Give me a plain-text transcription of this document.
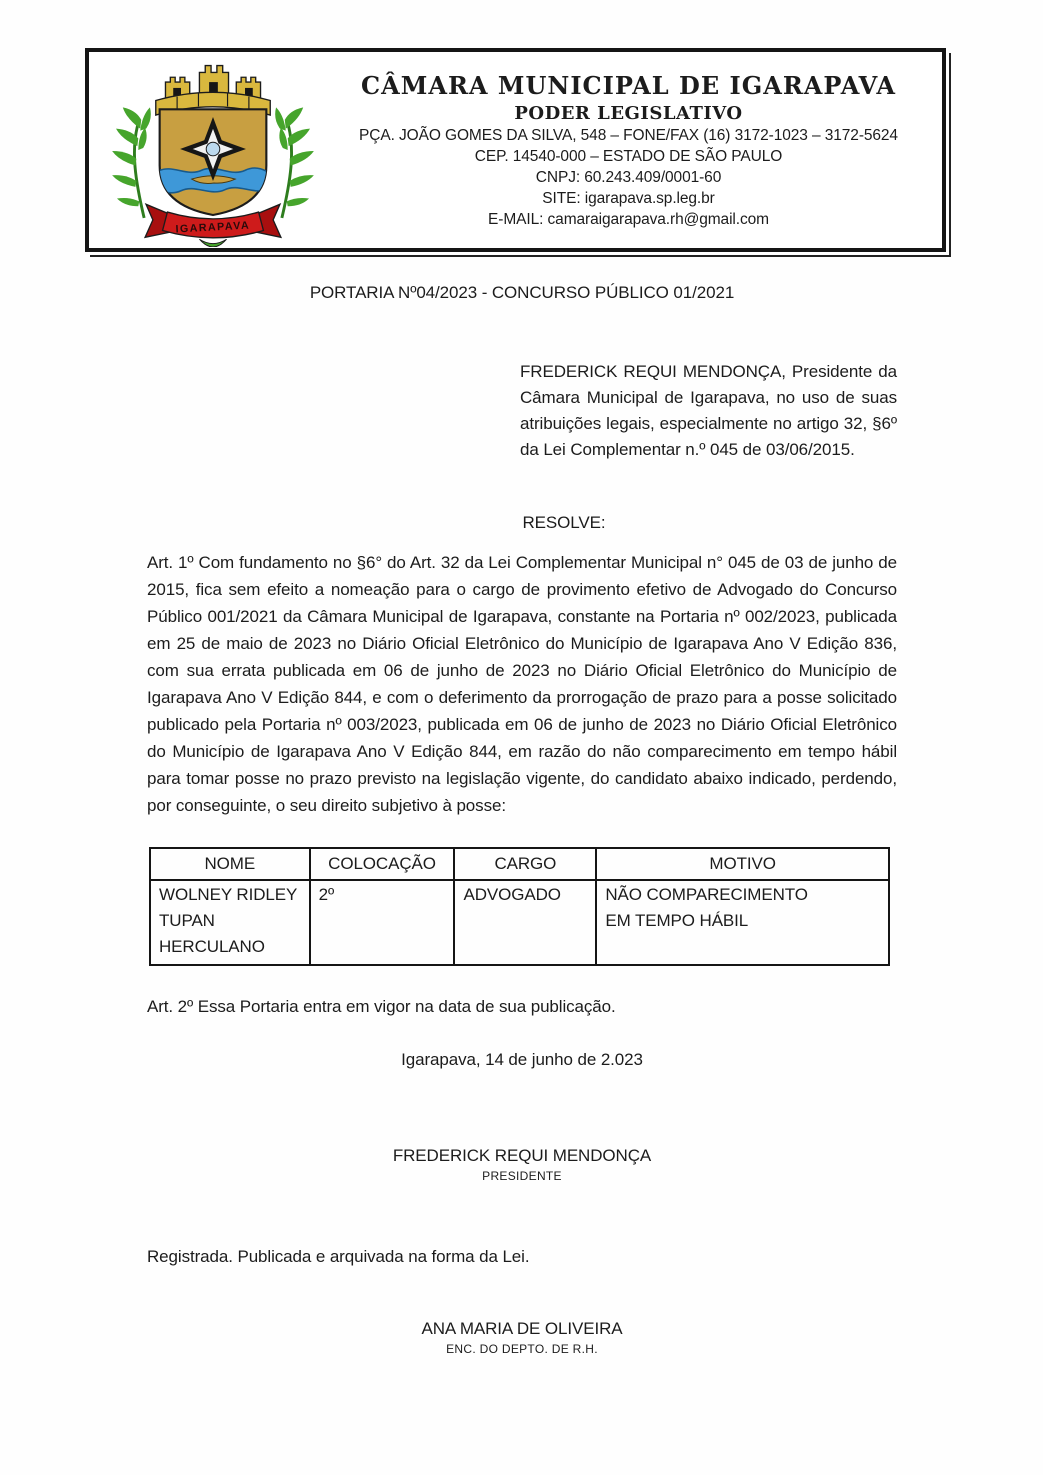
IGARAPAVA
CÂMARA MUNICIPAL DE IGARAPAVA
PODER LEGISLATIVO
PÇA. JOÃO GOMES DA SILVA, 548 – FONE/FAX (16) 3172-1023 – 3172-5624
CEP. 14540-000 – ESTADO DE SÃO PAULO
CNPJ: 60.243.409/0001-60
SITE: igarapava.sp.leg.br
E-MAIL: camaraigarapava.rh@gmail.com
PORTARIA Nº04/2023 - CONCURSO PÚBLICO 01/2021

FREDERICK REQUI MENDONÇA, Presidente da Câmara Municipal de Igarapava, no uso de suas atribuições legais, especialmente no artigo 32, §6º da Lei Complementar n.º 045 de 03/06/2015.

RESOLVE:

Art. 1º Com fundamento no §6° do Art. 32 da Lei Complementar Municipal n° 045 de 03 de junho de 2015, fica sem efeito a nomeação para o cargo de provimento efetivo de Advogado do Concurso Público 001/2021 da Câmara Municipal de Igarapava, constante na Portaria nº 002/2023, publicada em 25 de maio de 2023 no Diário Oficial Eletrônico do Município de Igarapava Ano V Edição 836, com sua errata publicada em 06 de junho de 2023 no Diário Oficial Eletrônico do Município de Igarapava Ano V Edição 844, e com o deferimento da prorrogação de prazo para a posse solicitado publicado pela Portaria nº 003/2023, publicada em 06 de junho de 2023 no Diário Oficial Eletrônico do Município de Igarapava Ano V Edição 844, em razão do não comparecimento em tempo hábil para tomar posse no prazo previsto na legislação vigente, do candidato abaixo indicado, perdendo, por conseguinte, o seu direito subjetivo à posse:

NOME	COLOCAÇÃO	CARGO	MOTIVO
WOLNEY RIDLEY TUPAN HERCULANO	2º	ADVOGADO	NÃO COMPARECIMENTO
EM TEMPO HÁBIL

Art. 2º Essa Portaria entra em vigor na data de sua publicação.

Igarapava, 14 de junho de 2.023
FREDERICK REQUI MENDONÇA
PRESIDENTE

Registrada. Publicada e arquivada na forma da Lei.

ANA MARIA DE OLIVEIRA
ENC. DO DEPTO. DE R.H.
